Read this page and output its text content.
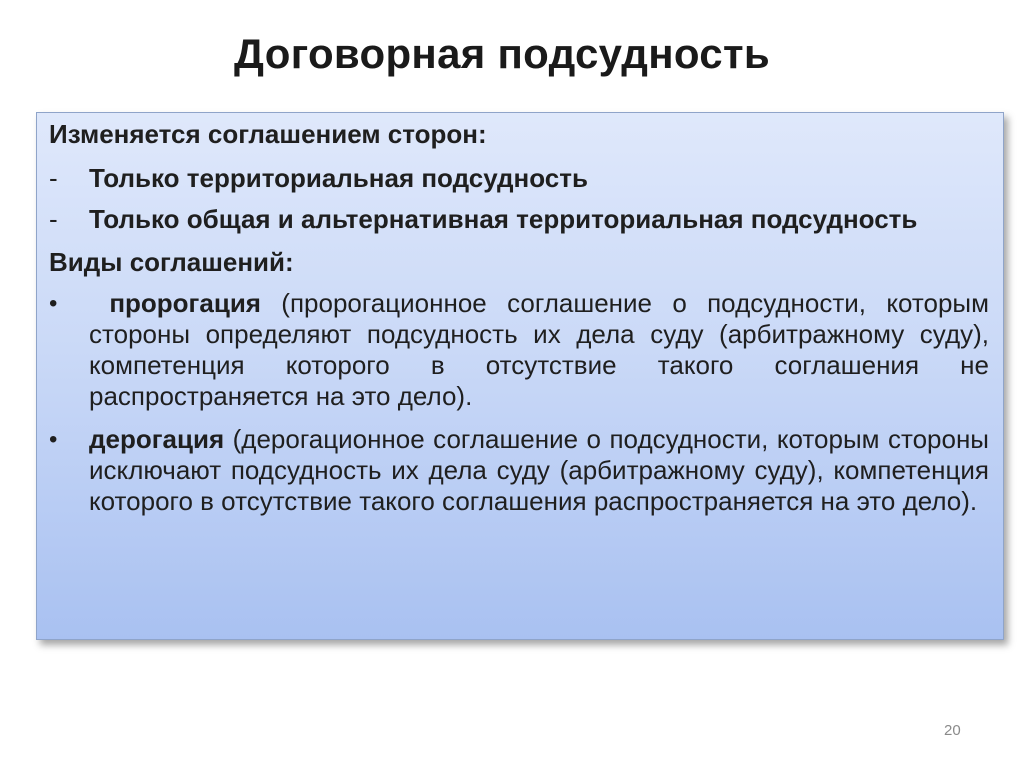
Договорная подсудность

Изменяется соглашением сторон:

-	Только территориальная подсудность
-	Только общая и альтернативная территориальная подсудность

Виды соглашений:

•	пророгация (пророгационное соглашение о подсудности, которым стороны определяют подсудность их дела суду (арбитражному суду), компетенция которого в отсутствие такого соглашения не распространяется на это дело).
•	дерогация (дерогационное соглашение о подсудности, которым стороны исключают подсудность их дела суду (арбитражному суду), компетенция которого в отсутствие такого соглашения распространяется на это дело).
20
